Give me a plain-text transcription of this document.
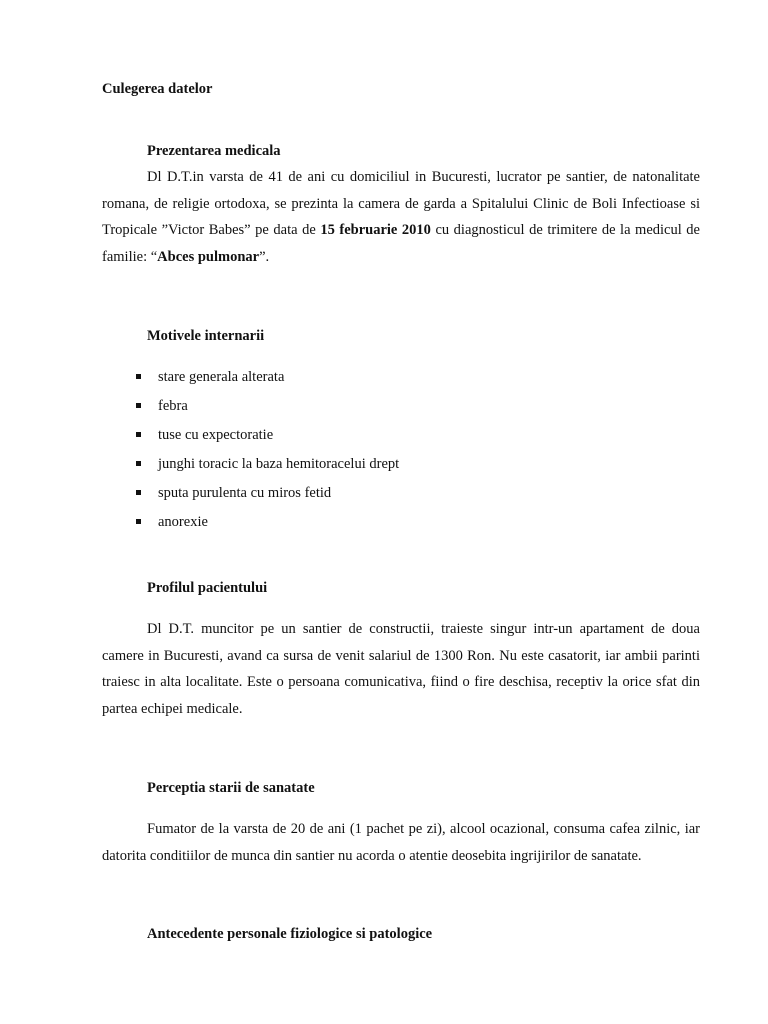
Culegerea datelor
Prezentarea medicala
Dl D.T.in varsta de 41 de ani cu domiciliul in Bucuresti, lucrator pe santier, de natonalitate romana, de religie ortodoxa, se prezinta la camera de garda a Spitalului Clinic de Boli Infectioase si Tropicale ”Victor Babes” pe data de 15 februarie 2010 cu diagnosticul de trimitere de la medicul de familie: “Abces pulmonar”.
Motivele internarii
stare generala alterata
febra
tuse cu expectoratie
junghi toracic la baza hemitoracelui drept
sputa purulenta cu miros fetid
anorexie
Profilul pacientului
Dl D.T. muncitor pe un santier de constructii, traieste singur intr-un apartament de doua camere in Bucuresti, avand ca sursa de venit salariul de 1300 Ron. Nu este casatorit, iar ambii parinti traiesc in alta localitate. Este o persoana comunicativa, fiind o fire deschisa, receptiv la orice sfat din partea echipei medicale.
Perceptia starii de sanatate
Fumator de la varsta de 20 de ani (1 pachet pe zi), alcool ocazional, consuma cafea zilnic, iar datorita conditiilor de munca din santier nu acorda o atentie deosebita ingrijirilor de sanatate.
Antecedente personale fiziologice si patologice
